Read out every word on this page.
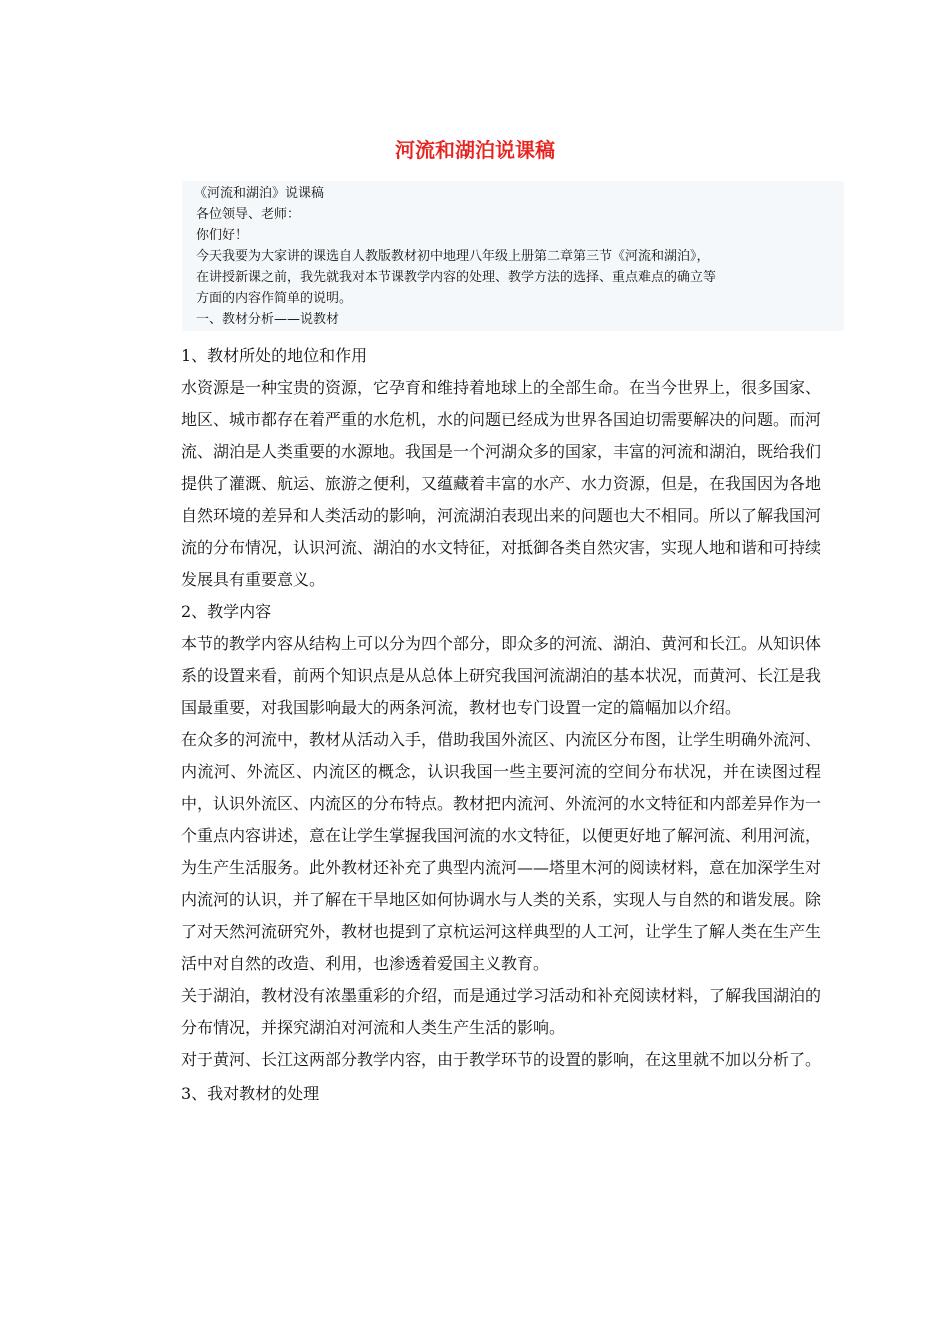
河流和湖泊说课稿
《河流和湖泊》说课稿
各位领导、老师：
你们好！
今天我要为大家讲的课选自人教版教材初中地理八年级上册第二章第三节《河流和湖泊》，
在讲授新课之前，我先就我对本节课教学内容的处理、教学方法的选择、重点难点的确立等
方面的内容作简单的说明。
一、教材分析——说教材

1、教材所处的地位和作用

水资源是一种宝贵的资源，它孕育和维持着地球上的全部生命。在当今世界上，很多国家、地区、城市都存在着严重的水危机，水的问题已经成为世界各国迫切需要解决的问题。而河流、湖泊是人类重要的水源地。我国是一个河湖众多的国家，丰富的河流和湖泊，既给我们提供了灌溉、航运、旅游之便利，又蕴藏着丰富的水产、水力资源，但是，在我国因为各地自然环境的差异和人类活动的影响，河流湖泊表现出来的问题也大不相同。所以了解我国河流的分布情况，认识河流、湖泊的水文特征，对抵御各类自然灾害，实现人地和谐和可持续发展具有重要意义。

2、教学内容

本节的教学内容从结构上可以分为四个部分，即众多的河流、湖泊、黄河和长江。从知识体系的设置来看，前两个知识点是从总体上研究我国河流湖泊的基本状况，而黄河、长江是我国最重要，对我国影响最大的两条河流，教材也专门设置一定的篇幅加以介绍。

在众多的河流中，教材从活动入手，借助我国外流区、内流区分布图，让学生明确外流河、内流河、外流区、内流区的概念，认识我国一些主要河流的空间分布状况，并在读图过程中，认识外流区、内流区的分布特点。教材把内流河、外流河的水文特征和内部差异作为一个重点内容讲述，意在让学生掌握我国河流的水文特征，以便更好地了解河流、利用河流，为生产生活服务。此外教材还补充了典型内流河——塔里木河的阅读材料，意在加深学生对内流河的认识，并了解在干旱地区如何协调水与人类的关系，实现人与自然的和谐发展。除了对天然河流研究外，教材也提到了京杭运河这样典型的人工河，让学生了解人类在生产生活中对自然的改造、利用，也渗透着爱国主义教育。

关于湖泊，教材没有浓墨重彩的介绍，而是通过学习活动和补充阅读材料，了解我国湖泊的分布情况，并探究湖泊对河流和人类生产生活的影响。

对于黄河、长江这两部分教学内容，由于教学环节的设置的影响，在这里就不加以分析了。

3、我对教材的处理
